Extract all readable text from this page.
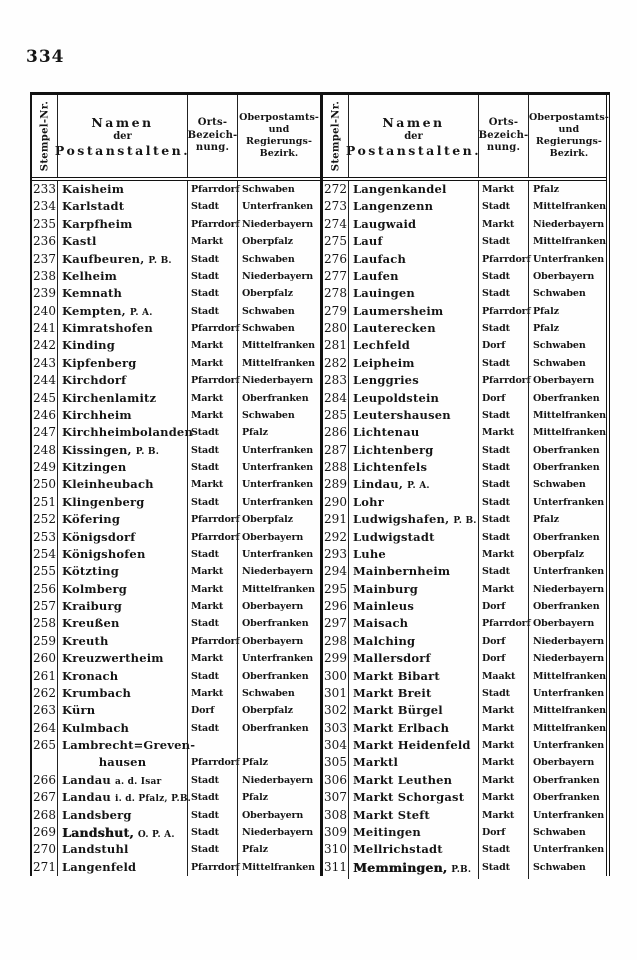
334
Stempel-Nr.	Namen
der
Postanstalten.
Orts-
Bezeich-
nung.
Oberpostamts-
und
Regierungs-
Bezirk.
233 Kaisheim	Pfarrdorf Schwaben
234 Karlstadt	Stadt	Unterfranken
235 Karpfheim	Pfarrdorf Niederbayern
236 Kastl	Markt	Oberpfalz
237 Kaufbeuren, P. B.	Stadt	Schwaben
238 Kelheim	Stadt	Niederbayern
239 Kemnath	Stadt	Oberpfalz
240 Kempten, P. A.	Stadt	Schwaben
241 Kimratshofen	Pfarrdorf Schwaben
242 Kinding	Markt	Mittelfranken
243 Kipfenberg	Markt	Mittelfranken
244 Kirchdorf	Pfarrdorf Niederbayern
245 Kirchenlamitz	Markt	Oberfranken
246 Kirchheim	Markt	Schwaben
247 Kirchheimbolanden
Stadt	Pfalz
248 Kissingen, P. B.	Stadt	Unterfranken
249 Kitzingen	Stadt	Unterfranken
250 Kleinheubach	Markt	Unterfranken
251 Klingenberg	Stadt	Unterfranken
252 Köfering	Pfarrdorf Oberpfalz
253 Königsdorf	Pfarrdorf Oberbayern
254 Königshofen	Stadt	Unterfranken
255 Kötzting	Markt	Niederbayern
256 Kolmberg	Markt	Mittelfranken
257 Kraiburg	Markt	Oberbayern
258 Kreußen	Stadt	Oberfranken
259 Kreuth	Pfarrdorf Oberbayern
260 Kreuzwertheim	Markt	Unterfranken
261 Kronach	Stadt	Oberfranken
262 Krumbach	Markt	Schwaben
263 Kürn	Dorf	Oberpfalz
264 Kulmbach	Stadt	Oberfranken
265 Lambrecht=Greven-
hausen	Pfarrdorf Pfalz
266 Landau a. d. Isar	Stadt	Niederbayern
267 Landau i. d. Pfalz, P.B. Stadt	Pfalz
268 Landsberg	Stadt	Oberbayern
269 Landshut, O. P. A.	Stadt	Niederbayern
270 Landstuhl	Stadt	Pfalz
271 Langenfeld	Pfarrdorf Mittelfranken
Stempel-Nr.	Namen
der
Postanstalten.
Orts-
Bezeich-
nung.
Oberpostamts-
und
Regierungs-
Bezirk.
272 Langenkandel	Markt	Pfalz
273 Langenzenn	Stadt	Mittelfranken
274 Laugwaid	Markt	Niederbayern
275 Lauf	Stadt	Mittelfranken
276 Laufach	Pfarrdorf Unterfranken
277 Laufen	Stadt	Oberbayern
278 Lauingen	Stadt	Schwaben
279 Laumersheim	Pfarrdorf Pfalz
280 Lauterecken	Stadt	Pfalz
281 Lechfeld	Dorf	Schwaben
282 Leipheim	Stadt	Schwaben
283 Lenggries	Pfarrdorf Oberbayern
284 Leupoldstein	Dorf	Oberfranken
285 Leutershausen	Stadt	Mittelfranken
286 Lichtenau	Markt	Mittelfranken
287 Lichtenberg	Stadt	Oberfranken
288 Lichtenfels	Stadt	Oberfranken
289 Lindau, P. A.	Stadt	Schwaben
290 Lohr	Stadt	Unterfranken
291 Ludwigshafen, P. B. Stadt	Pfalz
292 Ludwigstadt	Stadt	Oberfranken
293 Luhe	Markt	Oberpfalz
294 Mainbernheim	Stadt	Unterfranken
295 Mainburg	Markt	Niederbayern
296 Mainleus	Dorf	Oberfranken
297 Maisach	Pfarrdorf Oberbayern
298 Malching	Dorf	Niederbayern
299 Mallersdorf	Dorf	Niederbayern
300 Markt Bibart	Maakt	Mittelfranken
301 Markt Breit	Stadt	Unterfranken
302 Markt Bürgel	Markt	Mittelfranken
303 Markt Erlbach	Markt	Mittelfranken
304 Markt Heidenfeld	Markt	Unterfranken
305 Marktl	Markt	Oberbayern
306 Markt Leuthen	Markt	Oberfranken
307 Markt Schorgast	Markt	Oberfranken
308 Markt Steft	Markt	Unterfranken
309 Meitingen	Dorf	Schwaben
310 Mellrichstadt	Stadt	Unterfranken
311 Memmingen, P.B.	Stadt	Schwaben
